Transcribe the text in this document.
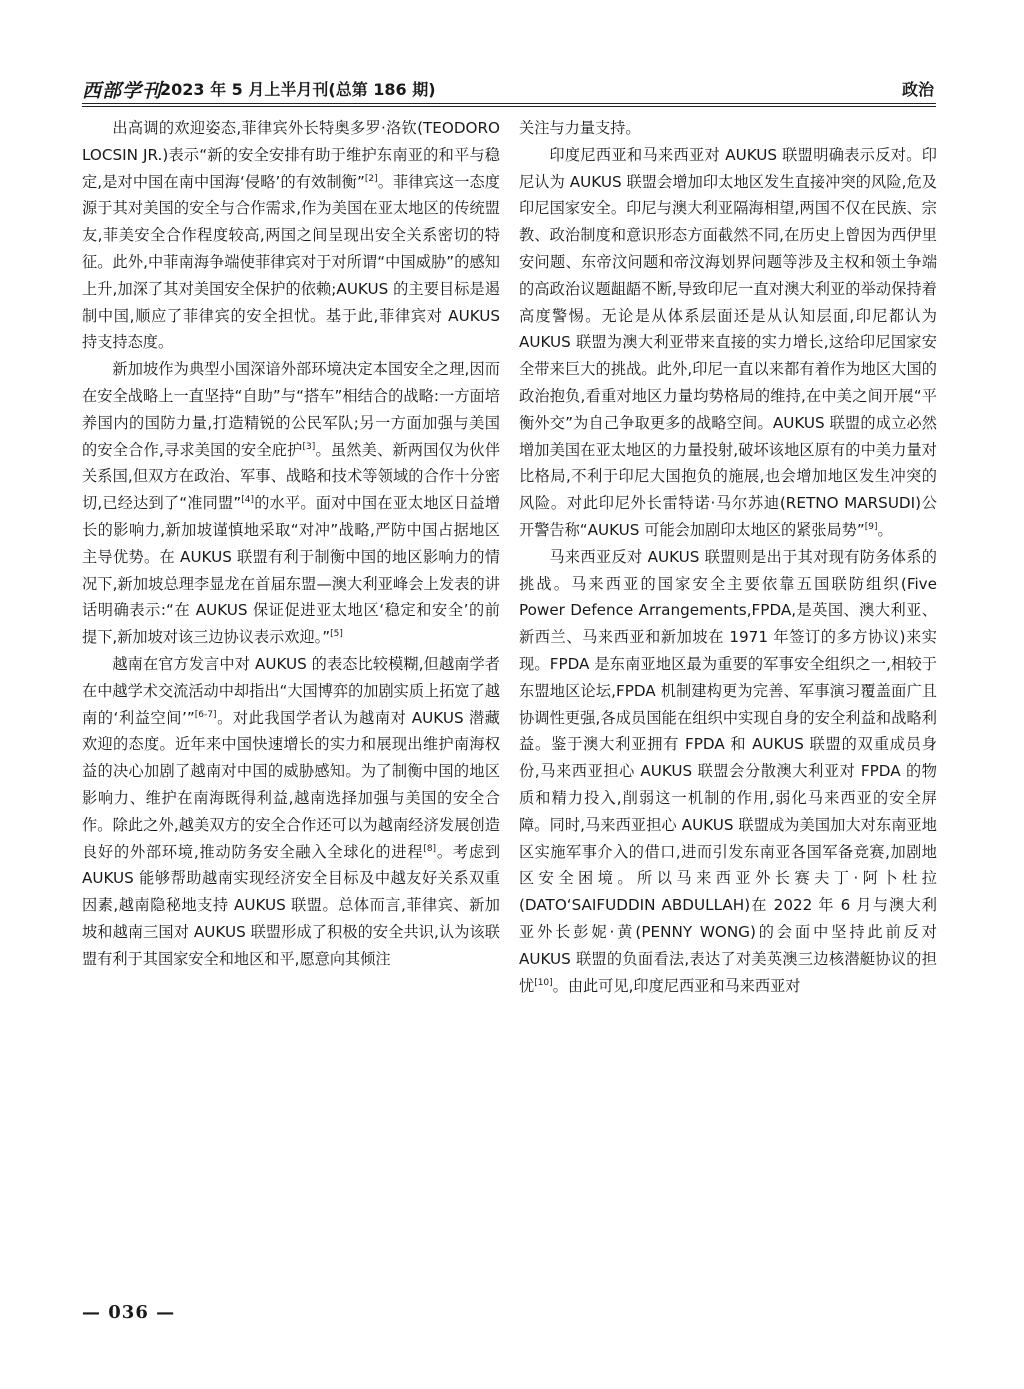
西部学刊
2023 年 5 月上半月刊(总第 186 期)	政治

出高调的欢迎姿态,菲律宾外长特奥多罗·洛钦(TEODORO LOCSIN JR.)表示“新的安全安排有助于维护东南亚的和平与稳定,是对中国在南中国海‘侵略’的有效制衡”[2]。菲律宾这一态度源于其对美国的安全与合作需求,作为美国在亚太地区的传统盟友,菲美安全合作程度较高,两国之间呈现出安全关系密切的特征。此外,中菲南海争端使菲律宾对于对所谓“中国威胁”的感知上升,加深了其对美国安全保护的依赖;AUKUS 的主要目标是遏制中国,顺应了菲律宾的安全担忧。基于此,菲律宾对 AUKUS 持支持态度。

新加坡作为典型小国深谙外部环境决定本国安全之理,因而在安全战略上一直坚持“自助”与“搭车”相结合的战略:一方面培养国内的国防力量,打造精锐的公民军队;另一方面加强与美国的安全合作,寻求美国的安全庇护[3]。虽然美、新两国仅为伙伴关系国,但双方在政治、军事、战略和技术等领域的合作十分密切,已经达到了“准同盟”[4]的水平。面对中国在亚太地区日益增长的影响力,新加坡谨慎地采取“对冲”战略,严防中国占据地区主导优势。在 AUKUS 联盟有利于制衡中国的地区影响力的情况下,新加坡总理李显龙在首届东盟—澳大利亚峰会上发表的讲话明确表示:“在 AUKUS 保证促进亚太地区‘稳定和安全’的前提下,新加坡对该三边协议表示欢迎。”[5]

越南在官方发言中对 AUKUS 的表态比较模糊,但越南学者在中越学术交流活动中却指出“大国博弈的加剧实质上拓宽了越南的‘利益空间’”[6-7]。对此我国学者认为越南对 AUKUS 潜藏欢迎的态度。近年来中国快速增长的实力和展现出维护南海权益的决心加剧了越南对中国的威胁感知。为了制衡中国的地区影响力、维护在南海既得利益,越南选择加强与美国的安全合作。除此之外,越美双方的安全合作还可以为越南经济发展创造良好的外部环境,推动防务安全融入全球化的进程[8]。考虑到 AUKUS 能够帮助越南实现经济安全目标及中越友好关系双重因素,越南隐秘地支持 AUKUS 联盟。总体而言,菲律宾、新加坡和越南三国对 AUKUS 联盟形成了积极的安全共识,认为该联盟有利于其国家安全和地区和平,愿意向其倾注

关注与力量支持。

印度尼西亚和马来西亚对 AUKUS 联盟明确表示反对。印尼认为 AUKUS 联盟会增加印太地区发生直接冲突的风险,危及印尼国家安全。印尼与澳大利亚隔海相望,两国不仅在民族、宗教、政治制度和意识形态方面截然不同,在历史上曾因为西伊里安问题、东帝汶问题和帝汶海划界问题等涉及主权和领土争端的高政治议题龃龉不断,导致印尼一直对澳大利亚的举动保持着高度警惕。无论是从体系层面还是从认知层面,印尼都认为 AUKUS 联盟为澳大利亚带来直接的实力增长,这给印尼国家安全带来巨大的挑战。此外,印尼一直以来都有着作为地区大国的政治抱负,看重对地区力量均势格局的维持,在中美之间开展“平衡外交”为自己争取更多的战略空间。AUKUS 联盟的成立必然增加美国在亚太地区的力量投射,破坏该地区原有的中美力量对比格局,不利于印尼大国抱负的施展,也会增加地区发生冲突的风险。对此印尼外长雷特诺·马尔苏迪(RETNO MARSUDI)公开警告称“AUKUS 可能会加剧印太地区的紧张局势”[9]。

马来西亚反对 AUKUS 联盟则是出于其对现有防务体系的挑战。马来西亚的国家安全主要依靠五国联防组织(Five Power Defence Arrangements,FPDA,是英国、澳大利亚、新西兰、马来西亚和新加坡在 1971 年签订的多方协议)来实现。FPDA 是东南亚地区最为重要的军事安全组织之一,相较于东盟地区论坛,FPDA 机制建构更为完善、军事演习覆盖面广且协调性更强,各成员国能在组织中实现自身的安全利益和战略利益。鉴于澳大利亚拥有 FPDA 和 AUKUS 联盟的双重成员身份,马来西亚担心 AUKUS 联盟会分散澳大利亚对 FPDA 的物质和精力投入,削弱这一机制的作用,弱化马来西亚的安全屏障。同时,马来西亚担心 AUKUS 联盟成为美国加大对东南亚地区实施军事介入的借口,进而引发东南亚各国军备竞赛,加剧地区安全困境。所以马来西亚外长赛夫丁·阿卜杜拉(DATO‘SAIFUDDIN ABDULLAH)在 2022 年 6 月与澳大利亚外长彭妮·黄(PENNY WONG)的会面中坚持此前反对 AUKUS 联盟的负面看法,表达了对美英澳三边核潜艇协议的担忧[10]。由此可见,印度尼西亚和马来西亚对

— 036 —
